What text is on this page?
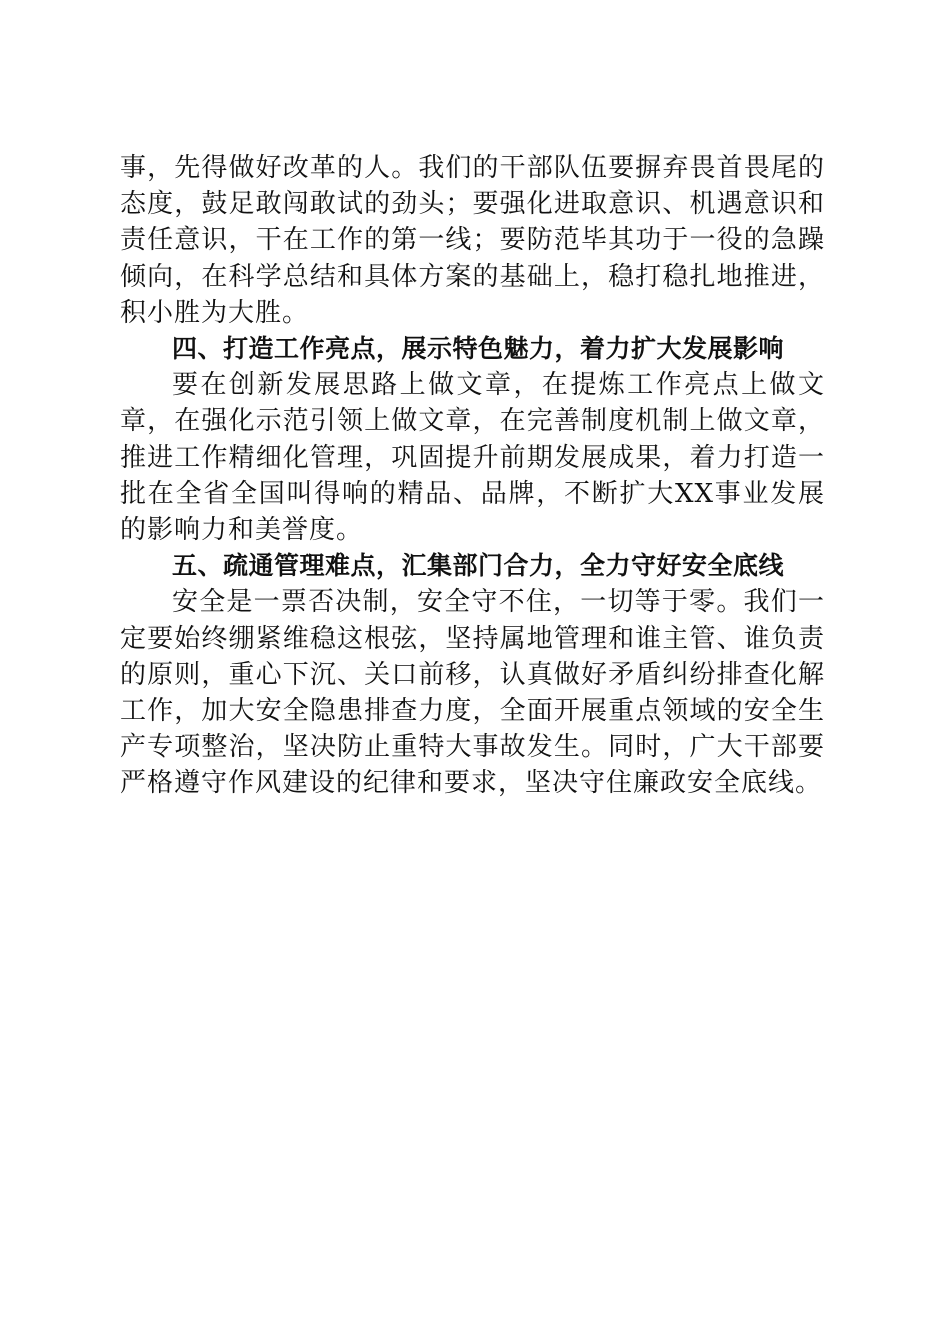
事，先得做好改革的人。我们的干部队伍要摒弃畏首畏尾的态度，鼓足敢闯敢试的劲头；要强化进取意识、机遇意识和责任意识，干在工作的第一线；要防范毕其功于一役的急躁倾向，在科学总结和具体方案的基础上，稳打稳扎地推进，积小胜为大胜。

四、打造工作亮点，展示特色魅力，着力扩大发展影响

要在创新发展思路上做文章，在提炼工作亮点上做文章，在强化示范引领上做文章，在完善制度机制上做文章，推进工作精细化管理，巩固提升前期发展成果，着力打造一批在全省全国叫得响的精品、品牌，不断扩大XX事业发展的影响力和美誉度。

五、疏通管理难点，汇集部门合力，全力守好安全底线

安全是一票否决制，安全守不住，一切等于零。我们一定要始终绷紧维稳这根弦，坚持属地管理和谁主管、谁负责的原则，重心下沉、关口前移，认真做好矛盾纠纷排查化解工作，加大安全隐患排查力度，全面开展重点领域的安全生产专项整治，坚决防止重特大事故发生。同时，广大干部要严格遵守作风建设的纪律和要求，坚决守住廉政安全底线。
